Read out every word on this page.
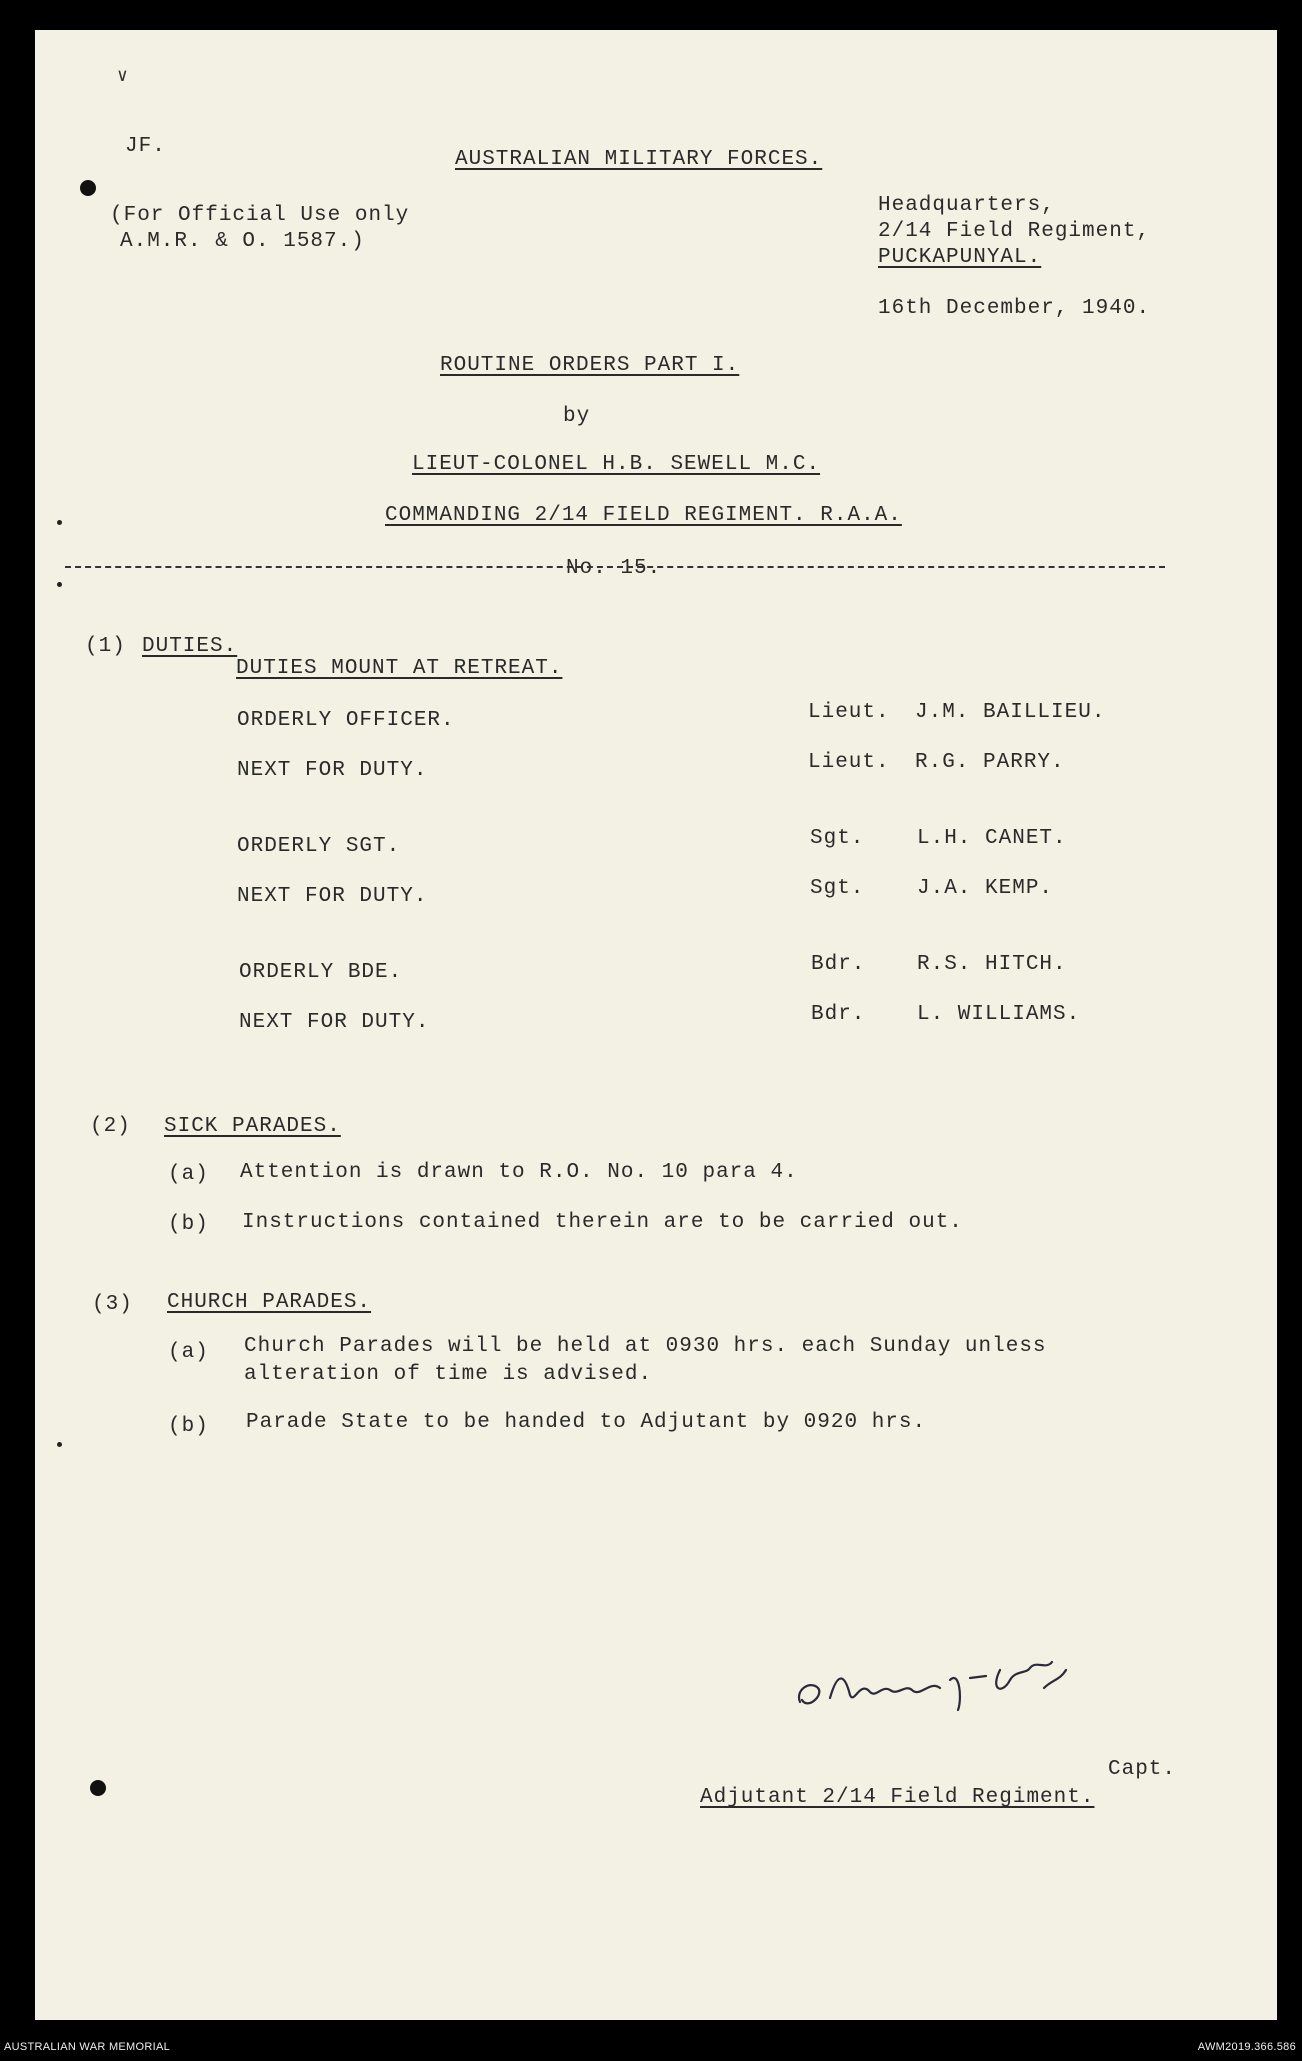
∨
JF.
AUSTRALIAN MILITARY FORCES.
(For Official Use only
A.M.R. & O. 1587.)
Headquarters,
2/14 Field Regiment,
PUCKAPUNYAL.
16th December, 1940.
ROUTINE ORDERS PART I.
by
LIEUT-COLONEL H.B. SEWELL M.C.
COMMANDING 2/14 FIELD REGIMENT. R.A.A.
No. 15.
(1) DUTIES.
DUTIES MOUNT AT RETREAT.
ORDERLY OFFICER.	Lieut. J.M. BAILLIEU.
NEXT FOR DUTY.	Lieut. R.G. PARRY.
ORDERLY SGT.	Sgt.	L.H. CANET.
NEXT FOR DUTY.	Sgt.	J.A. KEMP.
ORDERLY BDE.	Bdr. R.S. HITCH.
NEXT FOR DUTY.	Bdr. L. WILLIAMS.
(2) SICK PARADES.
(a) Attention is drawn to R.O. No. 10 para 4.
(b) Instructions contained therein are to be carried out.
(3) CHURCH PARADES.
(a) Church Parades will be held at 0930 hrs. each Sunday unless
alteration of time is advised.
(b) Parade State to be handed to Adjutant by 0920 hrs.
Capt.
Adjutant 2/14 Field Regiment.
AUSTRALIAN WAR MEMORIAL	AWM2019.366.586
